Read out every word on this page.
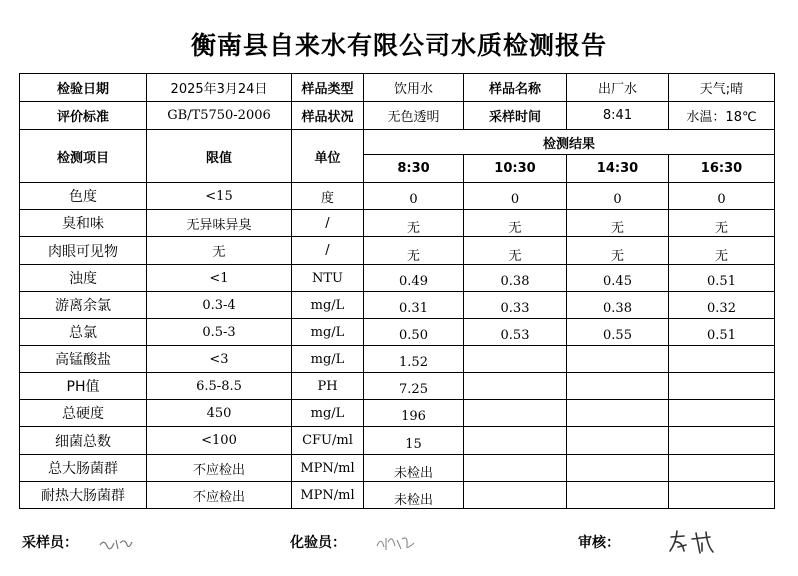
衡南县自来水有限公司水质检测报告
检验日期	2025年3月24日	样品类型	饮用水	样品名称	出厂水	天气;晴
评价标准	GB/T5750-2006	样品状况	无色透明	采样时间	8:41	水温：18℃
检测项目	限值	单位	检测结果			
			8:30	10:30	14:30	16:30
色度	<15	度	0	0	0	0
臭和味	无异味异臭	/	无	无	无	无
肉眼可见物	无	/	无	无	无	无
浊度	<1	NTU	0.49	0.38	0.45	0.51
游离余氯	0.3-4	mg/L	0.31	0.33	0.38	0.32
总氯	0.5-3	mg/L	0.50	0.53	0.55	0.51
高锰酸盐	<3	mg/L	1.52			
PH值	6.5-8.5	PH	7.25			
总硬度	450	mg/L	196			
细菌总数	<100	CFU/ml	15			
总大肠菌群	不应检出	MPN/ml	未检出			
耐热大肠菌群	不应检出	MPN/ml	未检出			
采样员：	化验员：	审核：
